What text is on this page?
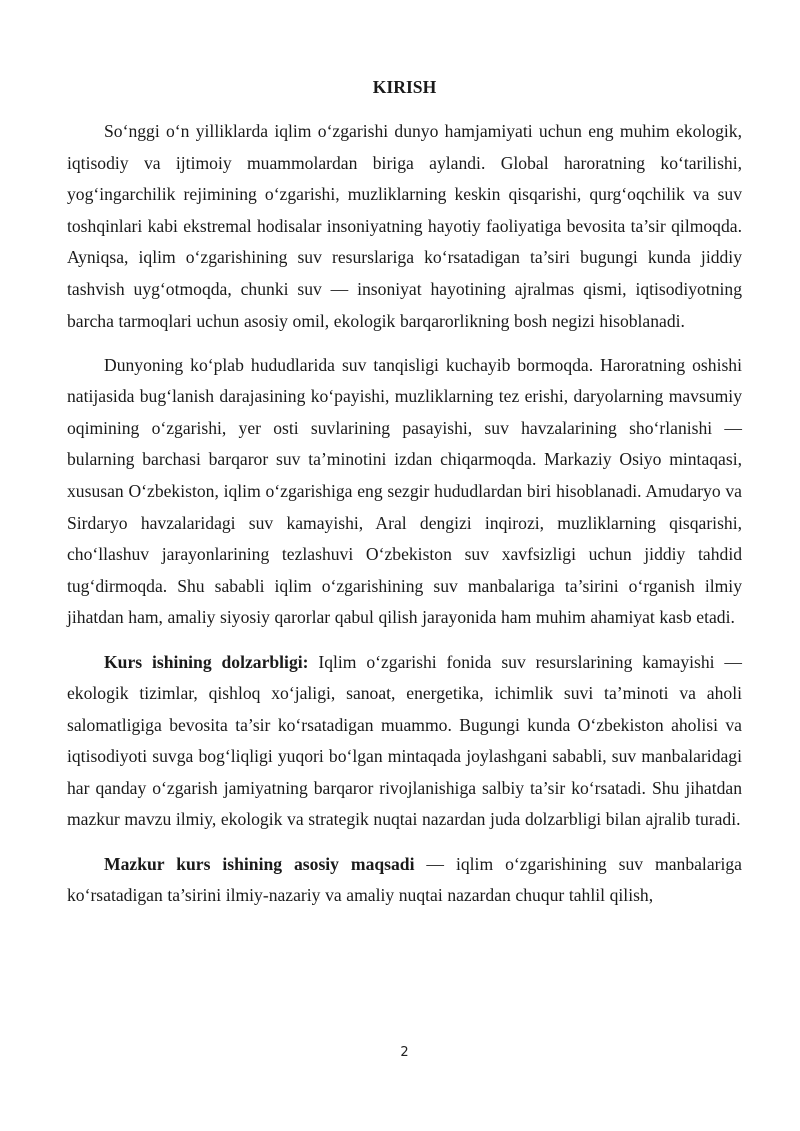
KIRISH

So‘nggi o‘n yilliklarda iqlim o‘zgarishi dunyo hamjamiyati uchun eng muhim ekologik, iqtisodiy va ijtimoiy muammolardan biriga aylandi. Global haroratning ko‘tarilishi, yog‘ingarchilik rejimining o‘zgarishi, muzliklarning keskin qisqarishi, qurg‘oqchilik va suv toshqinlari kabi ekstremal hodisalar insoniyatning hayotiy faoliyatiga bevosita ta’sir qilmoqda. Ayniqsa, iqlim o‘zgarishining suv resurslariga ko‘rsatadigan ta’siri bugungi kunda jiddiy tashvish uyg‘otmoqda, chunki suv — insoniyat hayotining ajralmas qismi, iqtisodiyotning barcha tarmoqlari uchun asosiy omil, ekologik barqarorlikning bosh negizi hisoblanadi.

Dunyoning ko‘plab hududlarida suv tanqisligi kuchayib bormoqda. Haroratning oshishi natijasida bug‘lanish darajasining ko‘payishi, muzliklarning tez erishi, daryolarning mavsumiy oqimining o‘zgarishi, yer osti suvlarining pasayishi, suv havzalarining sho‘rlanishi — bularning barchasi barqaror suv ta’minotini izdan chiqarmoqda. Markaziy Osiyo mintaqasi, xususan O‘zbekiston, iqlim o‘zgarishiga eng sezgir hududlardan biri hisoblanadi. Amudaryo va Sirdaryo havzalaridagi suv kamayishi, Aral dengizi inqirozi, muzliklarning qisqarishi, cho‘llashuv jarayonlarining tezlashuvi O‘zbekiston suv xavfsizligi uchun jiddiy tahdid tug‘dirmoqda. Shu sababli iqlim o‘zgarishining suv manbalariga ta’sirini o‘rganish ilmiy jihatdan ham, amaliy siyosiy qarorlar qabul qilish jarayonida ham muhim ahamiyat kasb etadi.

Kurs ishining dolzarbligi: Iqlim o‘zgarishi fonida suv resurslarining kamayishi — ekologik tizimlar, qishloq xo‘jaligi, sanoat, energetika, ichimlik suvi ta’minoti va aholi salomatligiga bevosita ta’sir ko‘rsatadigan muammo. Bugungi kunda O‘zbekiston aholisi va iqtisodiyoti suvga bog‘liqligi yuqori bo‘lgan mintaqada joylashgani sababli, suv manbalaridagi har qanday o‘zgarish jamiyatning barqaror rivojlanishiga salbiy ta’sir ko‘rsatadi. Shu jihatdan mazkur mavzu ilmiy, ekologik va strategik nuqtai nazardan juda dolzarbligi bilan ajralib turadi.

Mazkur kurs ishining asosiy maqsadi — iqlim o‘zgarishining suv manbalariga ko‘rsatadigan ta’sirini ilmiy-nazariy va amaliy nuqtai nazardan chuqur tahlil qilish,

2
